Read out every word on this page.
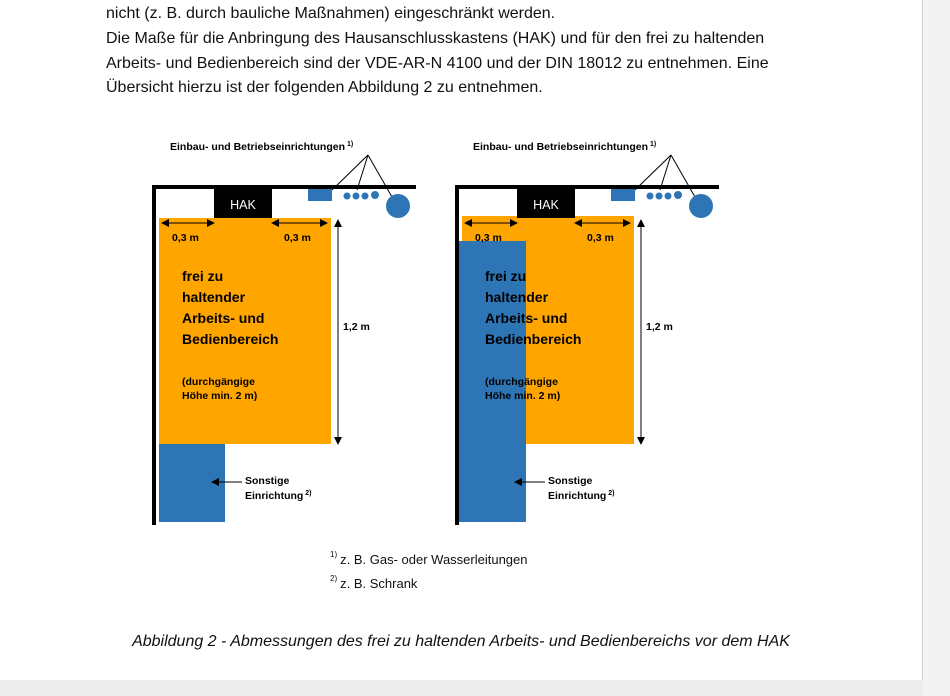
nicht (z. B. durch bauliche Maßnahmen) eingeschränkt werden.
Die Maße für die Anbringung des Hausanschlusskastens (HAK) und für den frei zu haltenden
Arbeits- und Bedienbereich sind der VDE-AR-N 4100 und der DIN 18012 zu entnehmen. Eine
Übersicht hierzu ist der folgenden Abbildung 2 zu entnehmen.
Einbau- und Betriebseinrichtungen $^{1)}$
HAK
0,3 m	0,3 m
1,2 m
frei zu
haltender
Arbeits- und
Bedienbereich
(durchgängige
Höhe min. 2 m)
Sonstige
Einrichtung $^{2)}$
Einbau- und Betriebseinrichtungen $^{1)}$
HAK
0,3 m	0,3 m
1,2 m
frei zu
haltender
Arbeits- und
Bedienbereich
(durchgängige
Höhe min. 2 m)
Sonstige
Einrichtung $^{2)}$
$^{1)}$ z. B. Gas- oder Wasserleitungen
$^{2)}$ z. B. Schrank
Abbildung 2 - Abmessungen des frei zu haltenden Arbeits- und Bedienbereichs vor dem HAK
